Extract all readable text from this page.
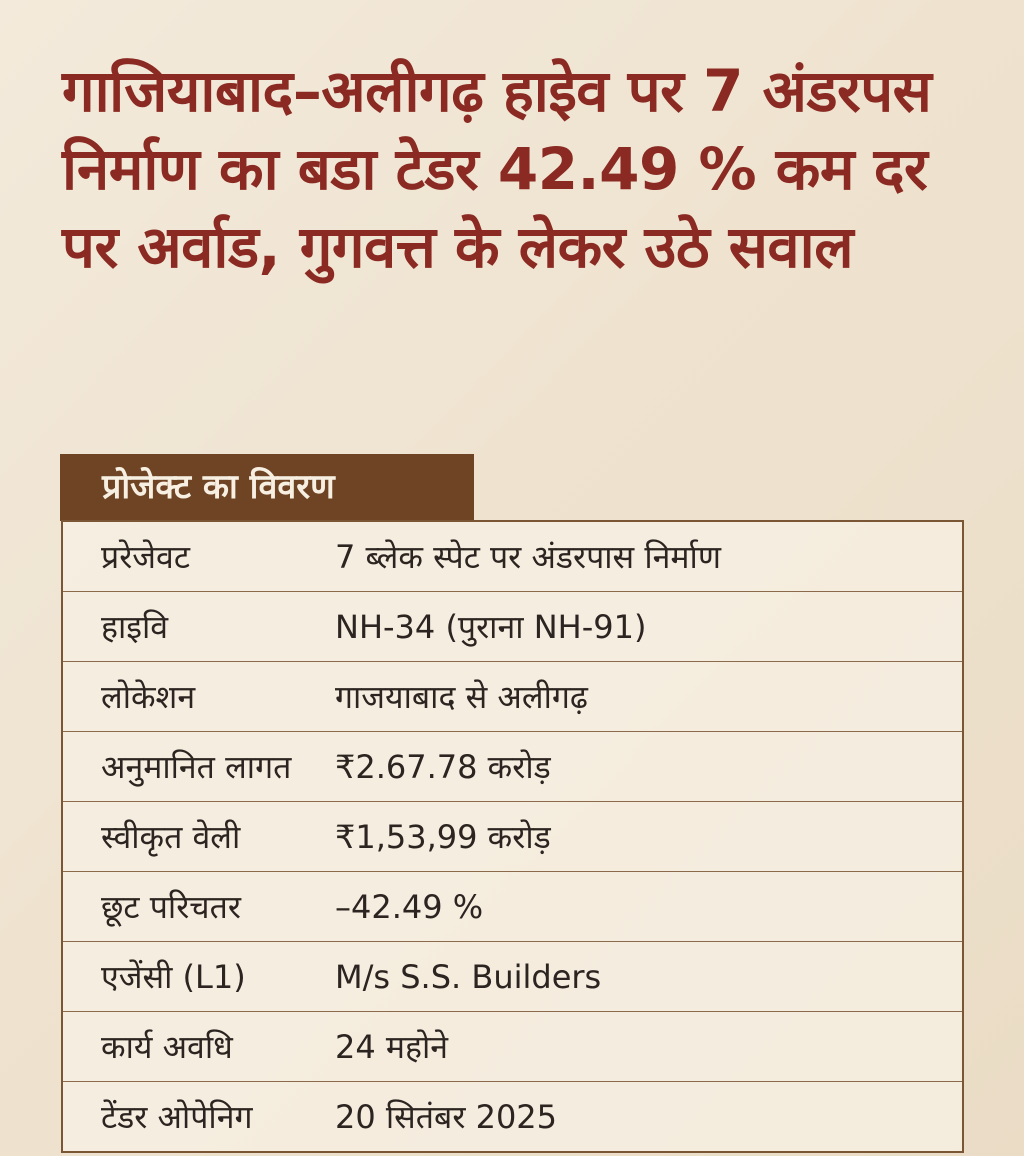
गाजियाबाद–अलीगढ़ हाइेव पर 7 अंडरपस निर्माण का बडा टेडर 42.49 % कम दर पर अर्वाड, गुगवत्त के लेकर उठे सवाल
प्रोजेक्ट का विवरण
प्ररेजेवट	7 ब्लेक स्पेट पर अंडरपास निर्माण
हाइवि	NH-34 (पुराना NH-91)
लोकेशन	गाजयाबाद से अलीगढ़
अनुमानित लागत	₹2.67.78 करोड़
स्वीकृत वेली	₹1,53,99 करोड़
छूट परिचतर	–42.49 %
एजेंसी (L1)	M/s S.S. Builders
कार्य अवधि	24 महोने
टेंडर ओपेनिग	20 सितंबर 2025
